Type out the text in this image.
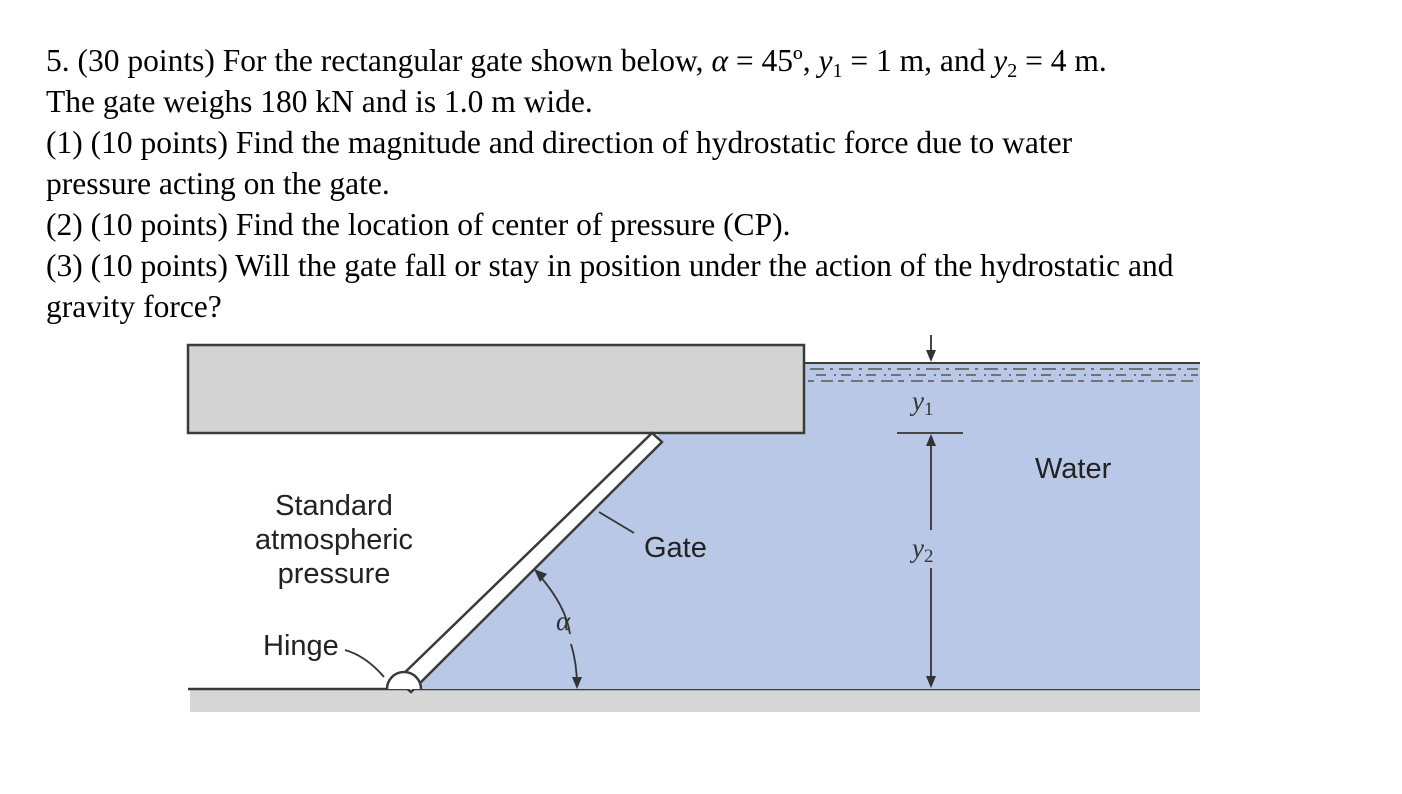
5. (30 points) For the rectangular gate shown below, α = 45º, $y_1 = 1$ m, and $y_2 = 4$ m.
The gate weighs 180 kN and is 1.0 m wide.
(1) (10 points) Find the magnitude and direction of hydrostatic force due to water
pressure acting on the gate.
(2) (10 points) Find the location of center of pressure (CP).
(3) (10 points) Will the gate fall or stay in position under the action of the hydrostatic and
gravity force?
Standard
atmospheric
pressure
Hinge
Gate
Water
α
y1
y2
